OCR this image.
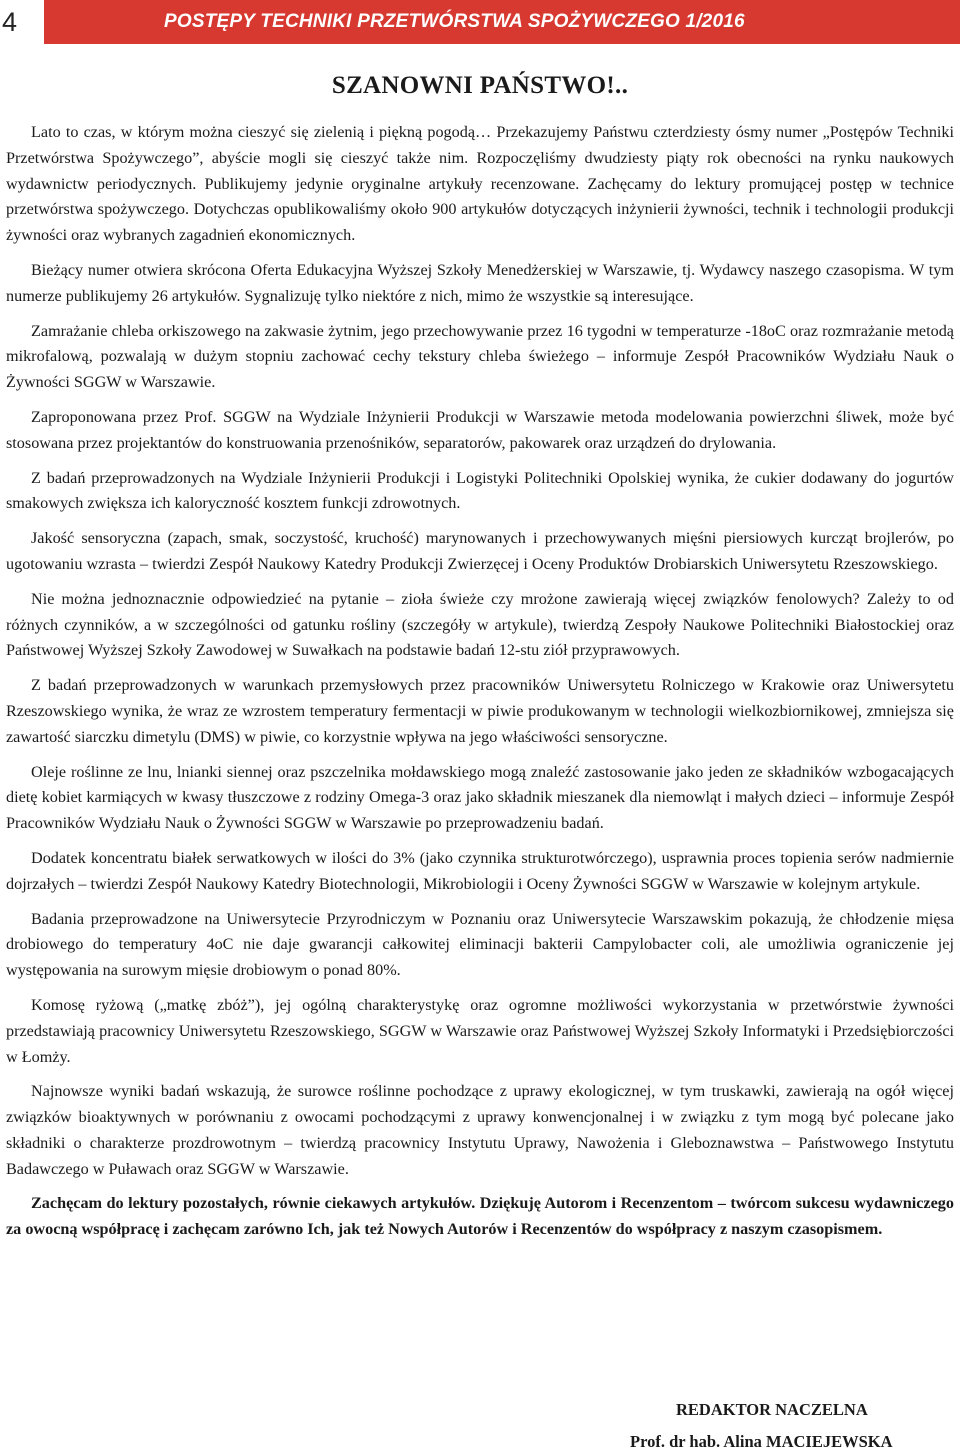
4	POSTĘPY TECHNIKI PRZETWÓRSTWA SPOŻYWCZEGO 1/2016
SZANOWNI PAŃSTWO!..

Lato to czas, w którym można cieszyć się zielenią i piękną pogodą… Przekazujemy Państwu czterdziesty ósmy numer „Postępów Techniki Przetwórstwa Spożywczego”, abyście mogli się cieszyć także nim. Rozpoczęliśmy dwudziesty piąty rok obecności na rynku naukowych wydawnictw periodycznych. Publikujemy jedynie oryginalne artykuły recenzowane. Zachęcamy do lektury promującej postęp w technice przetwórstwa spożywczego. Dotychczas opublikowaliśmy około 900 artykułów dotyczących inżynierii żywności, technik i technologii produkcji żywności oraz wybranych zagadnień ekonomicznych.

Bieżący numer otwiera skrócona Oferta Edukacyjna Wyższej Szkoły Menedżerskiej w Warszawie, tj. Wydawcy naszego czasopisma. W tym numerze publikujemy 26 artykułów. Sygnalizuję tylko niektóre z nich, mimo że wszystkie są interesujące.

Zamrażanie chleba orkiszowego na zakwasie żytnim, jego przechowywanie przez 16 tygodni w temperaturze -18oC oraz rozmrażanie metodą mikrofalową, pozwalają w dużym stopniu zachować cechy tekstury chleba świeżego – informuje Zespół Pracowników Wydziału Nauk o Żywności SGGW w Warszawie.

Zaproponowana przez Prof. SGGW na Wydziale Inżynierii Produkcji w Warszawie metoda modelowania powierzchni śliwek, może być stosowana przez projektantów do konstruowania przenośników, separatorów, pakowarek oraz urządzeń do drylowania.

Z badań przeprowadzonych na Wydziale Inżynierii Produkcji i Logistyki Politechniki Opolskiej wynika, że cukier dodawany do jogurtów smakowych zwiększa ich kaloryczność kosztem funkcji zdrowotnych.

Jakość sensoryczna (zapach, smak, soczystość, kruchość) marynowanych i przechowywanych mięśni piersiowych kurcząt brojlerów, po ugotowaniu wzrasta – twierdzi Zespół Naukowy Katedry Produkcji Zwierzęcej i Oceny Produktów Drobiarskich Uniwersytetu Rzeszowskiego.

Nie można jednoznacznie odpowiedzieć na pytanie – zioła świeże czy mrożone zawierają więcej związków fenolowych? Zależy to od różnych czynników, a w szczególności od gatunku rośliny (szczegóły w artykule), twierdzą Zespoły Naukowe Politechniki Białostockiej oraz Państwowej Wyższej Szkoły Zawodowej w Suwałkach na podstawie badań 12-stu ziół przyprawowych.

Z badań przeprowadzonych w warunkach przemysłowych przez pracowników Uniwersytetu Rolniczego w Krakowie oraz Uniwersytetu Rzeszowskiego wynika, że wraz ze wzrostem temperatury fermentacji w piwie produkowanym w technologii wielkozbiornikowej, zmniejsza się zawartość siarczku dimetylu (DMS) w piwie, co korzystnie wpływa na jego właściwości sensoryczne.

Oleje roślinne ze lnu, lnianki siennej oraz pszczelnika mołdawskiego mogą znaleźć zastosowanie jako jeden ze składników wzbogacających dietę kobiet karmiących w kwasy tłuszczowe z rodziny Omega-3 oraz jako składnik mieszanek dla niemowląt i małych dzieci – informuje Zespół Pracowników Wydziału Nauk o Żywności SGGW w Warszawie po przeprowadzeniu badań.

Dodatek koncentratu białek serwatkowych w ilości do 3% (jako czynnika strukturotwórczego), usprawnia proces topienia serów nadmiernie dojrzałych – twierdzi Zespół Naukowy Katedry Biotechnologii, Mikrobiologii i Oceny Żywności SGGW w Warszawie w kolejnym artykule.

Badania przeprowadzone na Uniwersytecie Przyrodniczym w Poznaniu oraz Uniwersytecie Warszawskim pokazują, że chłodzenie mięsa drobiowego do temperatury 4oC nie daje gwarancji całkowitej eliminacji bakterii Campylobacter coli, ale umożliwia ograniczenie jej występowania na surowym mięsie drobiowym o ponad 80%.

Komosę ryżową („matkę zbóż”), jej ogólną charakterystykę oraz ogromne możliwości wykorzystania w przetwórstwie żywności przedstawiają pracownicy Uniwersytetu Rzeszowskiego, SGGW w Warszawie oraz Państwowej Wyższej Szkoły Informatyki i Przedsiębiorczości w Łomży.

Najnowsze wyniki badań wskazują, że surowce roślinne pochodzące z uprawy ekologicznej, w tym truskawki, zawierają na ogół więcej związków bioaktywnych w porównaniu z owocami pochodzącymi z uprawy konwencjonalnej i w związku z tym mogą być polecane jako składniki o charakterze prozdrowotnym – twierdzą pracownicy Instytutu Uprawy, Nawożenia i Gleboznawstwa – Państwowego Instytutu Badawczego w Puławach oraz SGGW w Warszawie.

Zachęcam do lektury pozostałych, równie ciekawych artykułów. Dziękuję Autorom i Recenzentom – twórcom sukcesu wydawniczego za owocną współpracę i zachęcam zarówno Ich, jak też Nowych Autorów i Recenzentów do współpracy z naszym czasopismem.

REDAKTOR NACZELNA
Prof. dr hab. Alina MACIEJEWSKA
